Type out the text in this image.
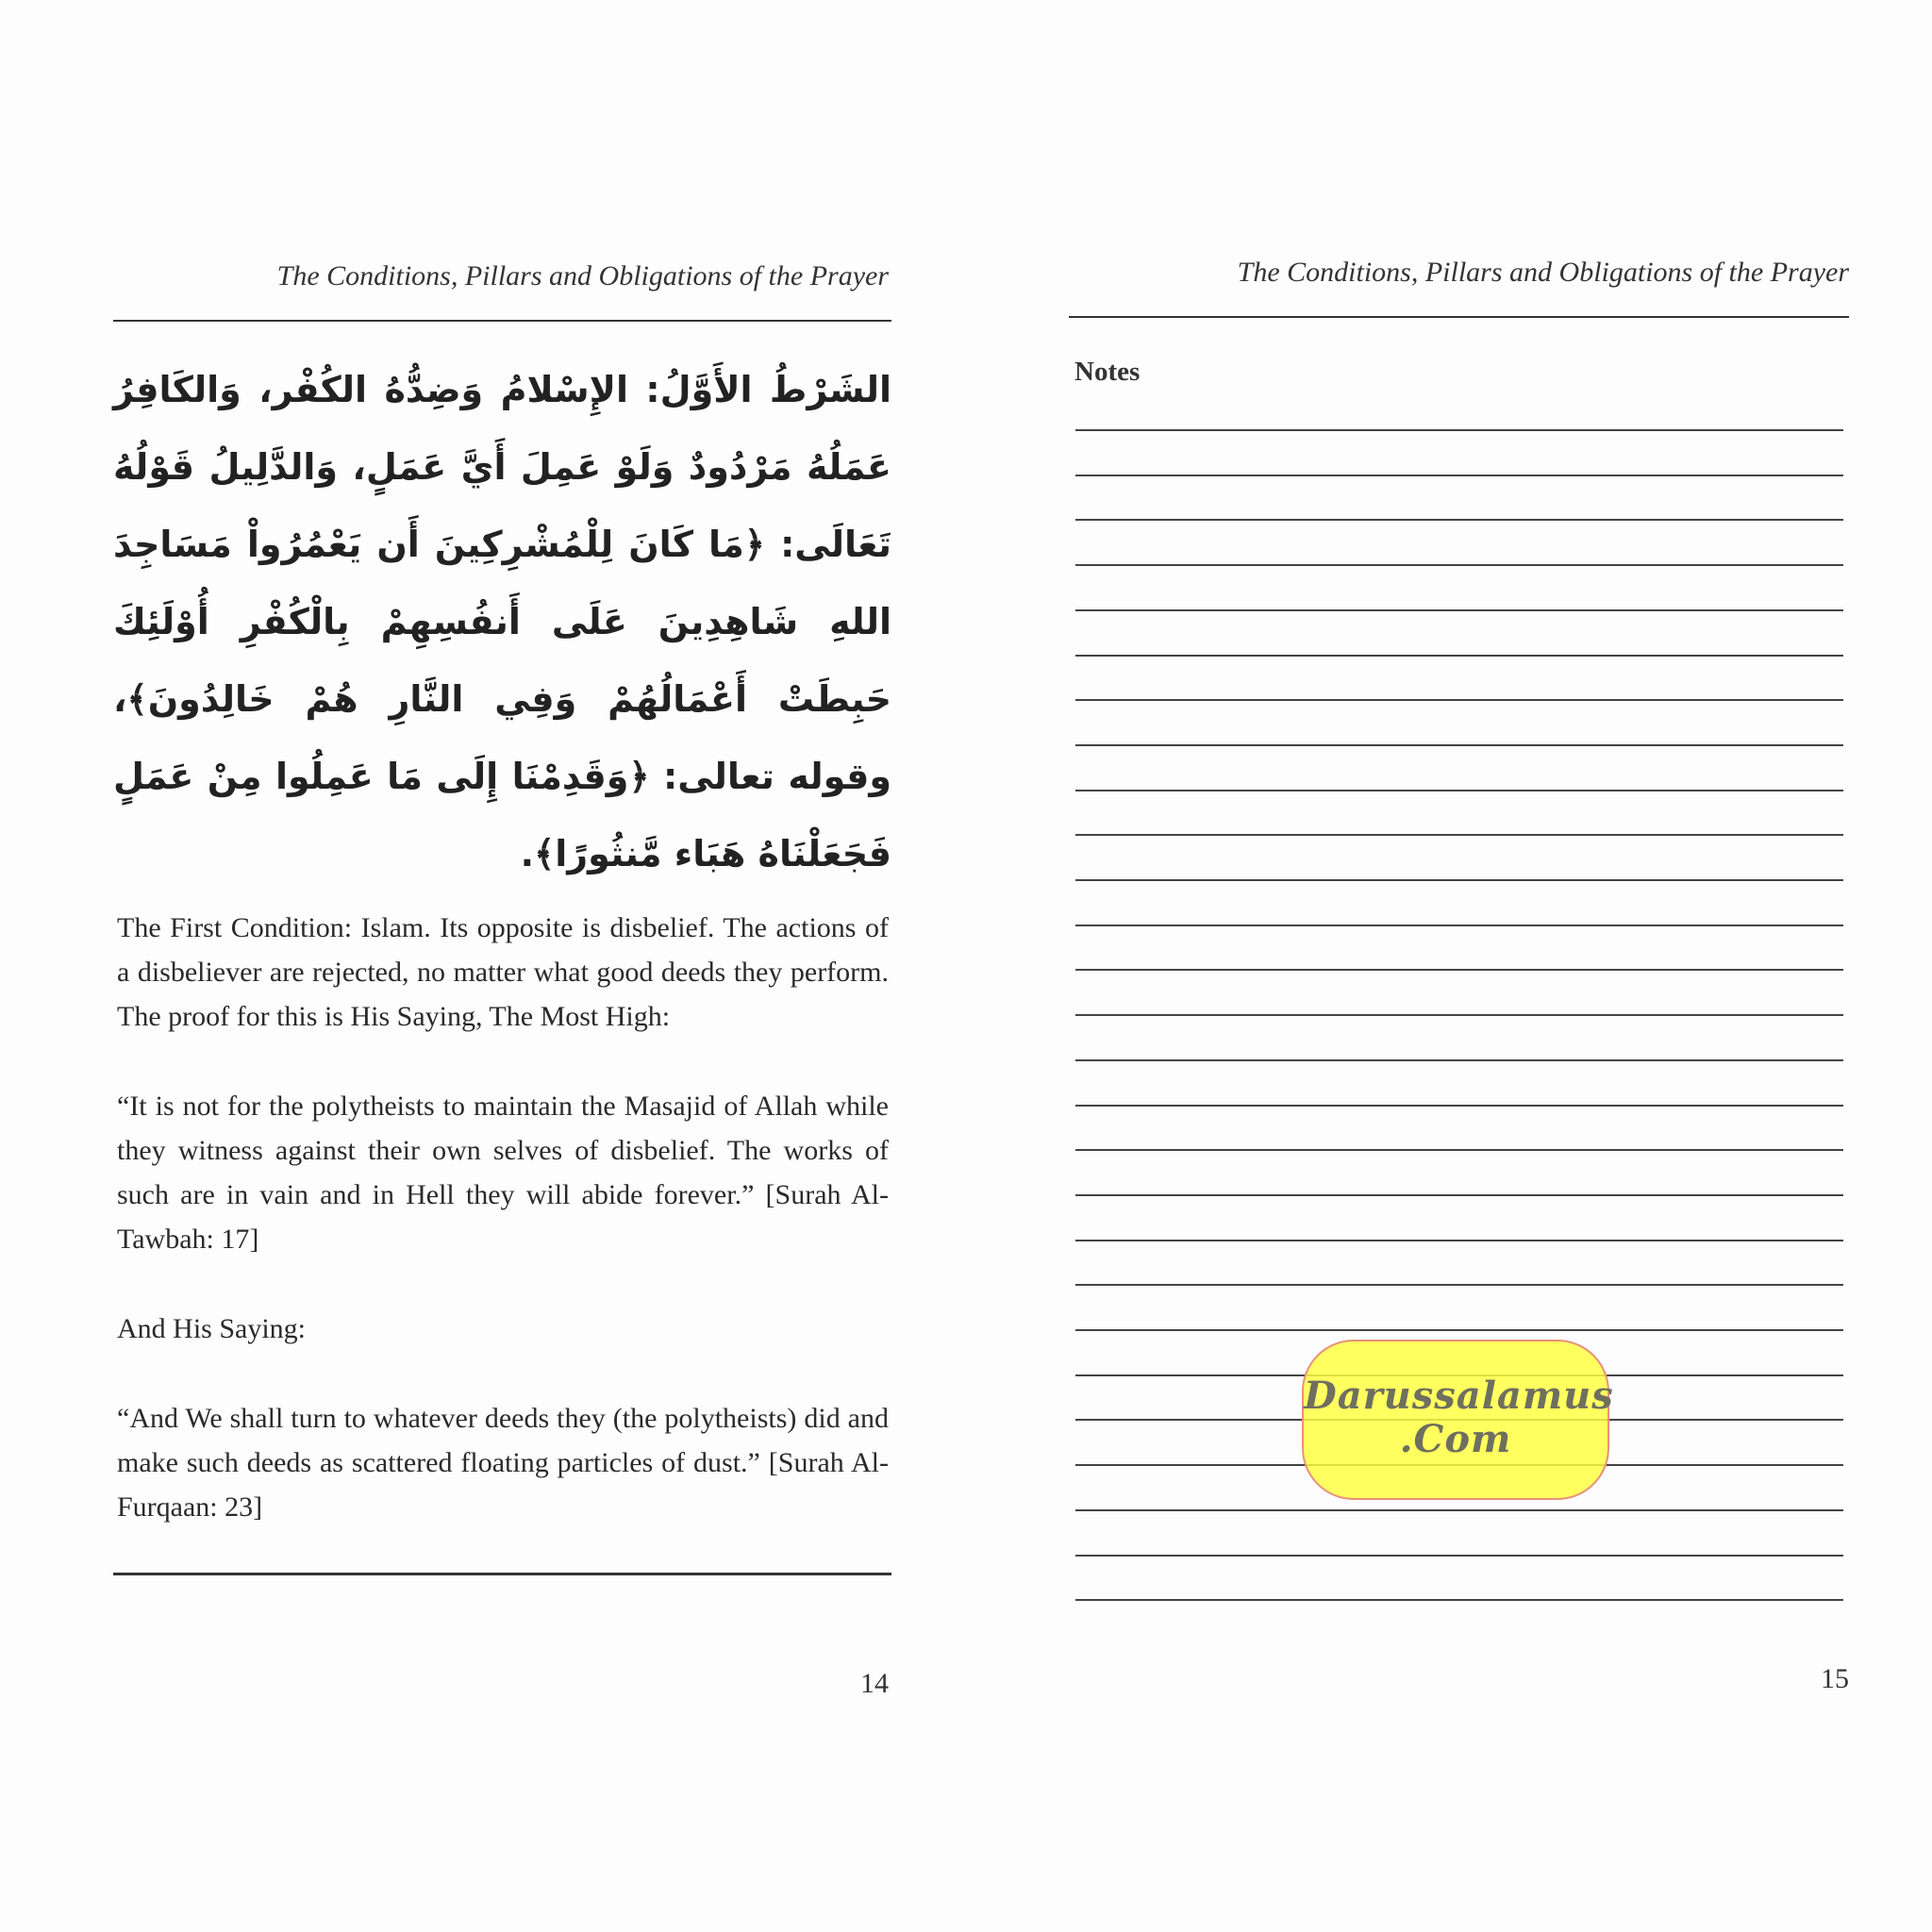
The Conditions, Pillars and Obligations of the Prayer
الشَرْطُ الأَوَّلُ: الإِسْلامُ وَضِدُّهُ الكُفْر، وَالكَافِرُ عَمَلُهُ مَرْدُودٌ وَلَوْ عَمِلَ أَيَّ عَمَلٍ، وَالدَّلِيلُ قَوْلُهُ تَعَالَى: ﴿مَا كَانَ لِلْمُشْرِكِينَ أَن يَعْمُرُواْ مَسَاجِدَ اللهِ شَاهِدِينَ عَلَى أَنفُسِهِمْ بِالْكُفْرِ أُوْلَئِكَ حَبِطَتْ أَعْمَالُهُمْ وَفِي النَّارِ هُمْ خَالِدُونَ﴾، وقوله تعالى: ﴿وَقَدِمْنَا إِلَى مَا عَمِلُوا مِنْ عَمَلٍ فَجَعَلْنَاهُ هَبَاء مَّنثُورًا﴾.

The First Condition: Islam. Its opposite is disbelief. The actions of a disbeliever are rejected, no matter what good deeds they perform. The proof for this is His Saying, The Most High:

“It is not for the polytheists to maintain the Masajid of Allah while they witness against their own selves of disbelief. The works of such are in vain and in Hell they will abide forever.” [Surah Al-Tawbah: 17]

And His Saying:

“And We shall turn to whatever deeds they (the polytheists) did and make such deeds as scattered floating particles of dust.” [Surah Al-Furqaan: 23]

14
The Conditions, Pillars and Obligations of the Prayer
Notes
15
Darussalamus
.Com
